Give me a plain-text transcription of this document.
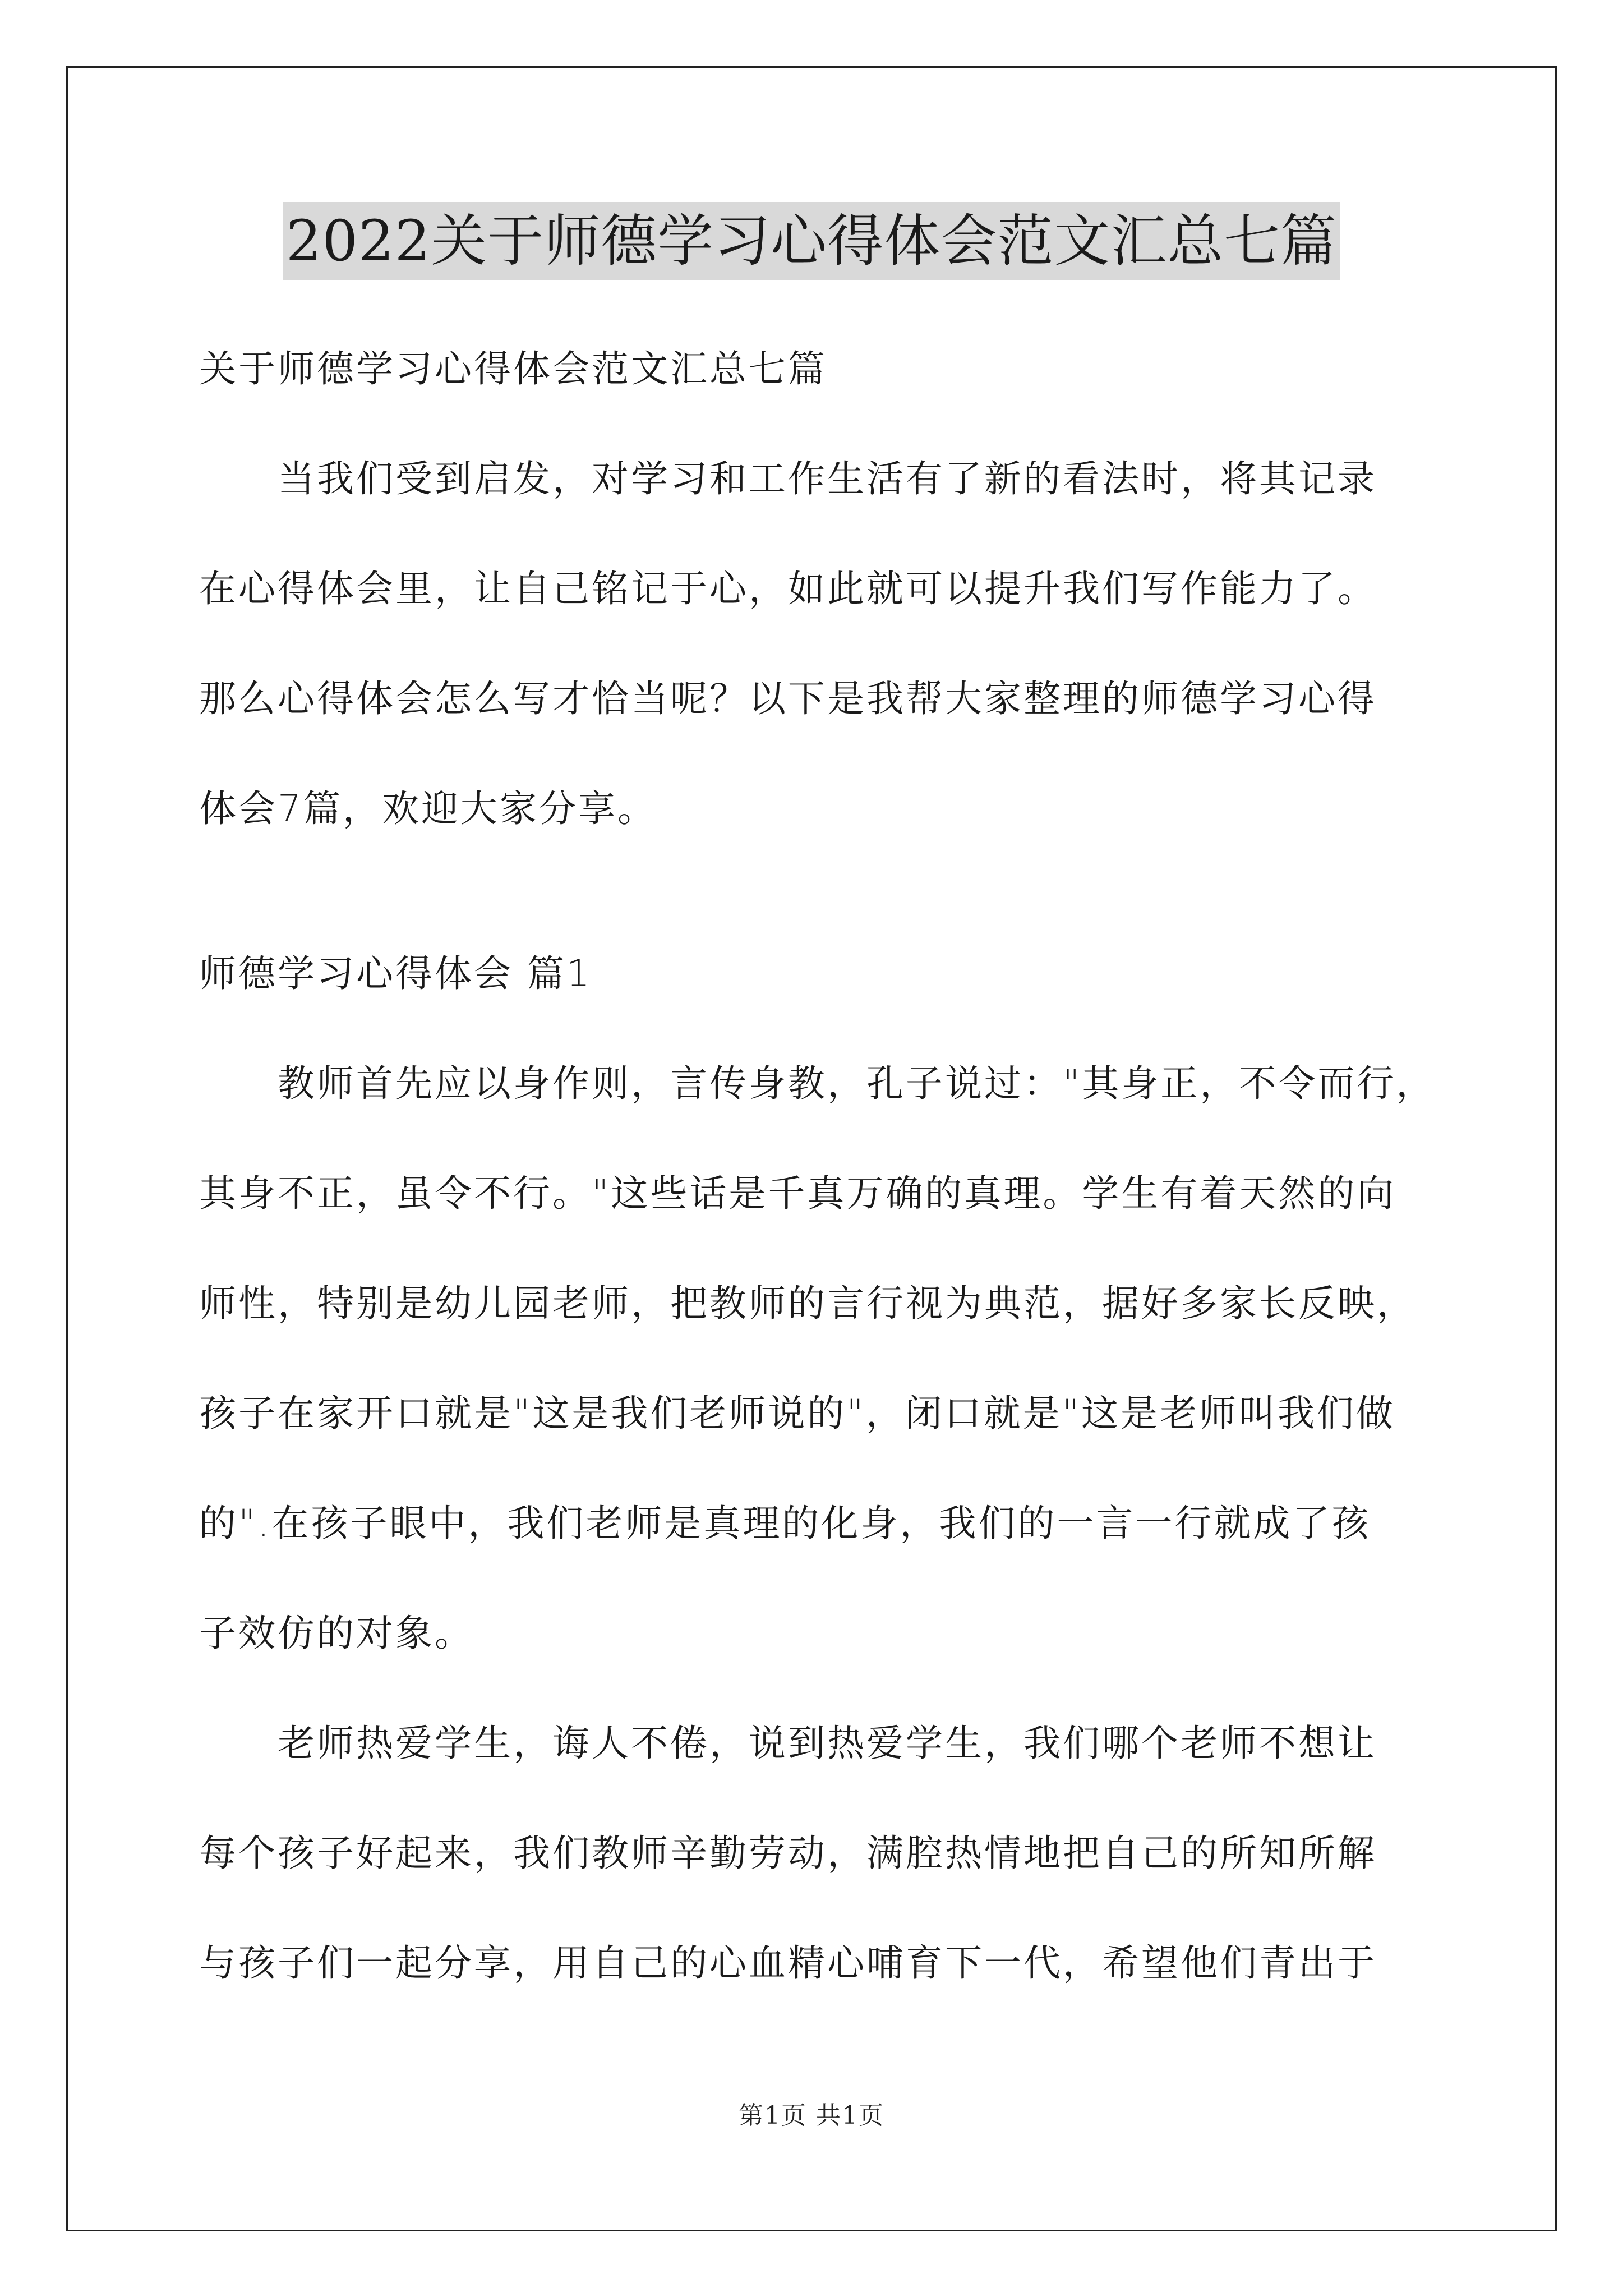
2022关于师德学习心得体会范文汇总七篇
关于师德学习心得体会范文汇总七篇
当我们受到启发，对学习和工作生活有了新的看法时，将其记录
在心得体会里，让自己铭记于心，如此就可以提升我们写作能力了。
那么心得体会怎么写才恰当呢？以下是我帮大家整理的师德学习心得
体会7篇，欢迎大家分享。
师德学习心得体会 篇1
教师首先应以身作则，言传身教，孔子说过："其身正，不令而行，
其身不正，虽令不行。"这些话是千真万确的真理。学生有着天然的向
师性，特别是幼儿园老师，把教师的言行视为典范，据好多家长反映，
孩子在家开口就是"这是我们老师说的"，闭口就是"这是老师叫我们做
的".在孩子眼中，我们老师是真理的化身，我们的一言一行就成了孩
子效仿的对象。
老师热爱学生，诲人不倦，说到热爱学生，我们哪个老师不想让
每个孩子好起来，我们教师辛勤劳动，满腔热情地把自己的所知所解
与孩子们一起分享，用自己的心血精心哺育下一代，希望他们青出于
第1页 共1页
